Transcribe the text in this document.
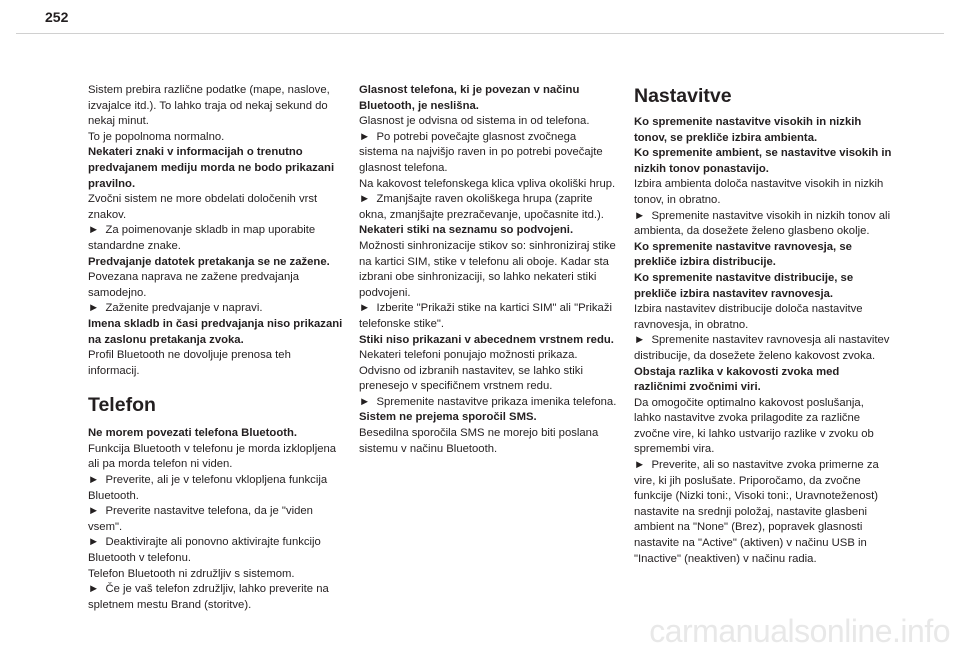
252
Sistem prebira različne podatke (mape, naslove, izvajalce itd.). To lahko traja od nekaj sekund do nekaj minut.
To je popolnoma normalno.
Nekateri znaki v informacijah o trenutno predvajanem mediju morda ne bodo prikazani pravilno.
Zvočni sistem ne more obdelati določenih vrst znakov.
►  Za poimenovanje skladb in map uporabite standardne znake.
Predvajanje datotek pretakanja se ne zažene.
Povezana naprava ne zažene predvajanja samodejno.
►  Zaženite predvajanje v napravi.
Imena skladb in časi predvajanja niso prikazani na zaslonu pretakanja zvoka.
Profil Bluetooth ne dovoljuje prenosa teh informacij.
Telefon
Ne morem povezati telefona Bluetooth.
Funkcija Bluetooth v telefonu je morda izklopljena ali pa morda telefon ni viden.
►  Preverite, ali je v telefonu vklopljena funkcija Bluetooth.
►  Preverite nastavitve telefona, da je "viden vsem".
►  Deaktivirajte ali ponovno aktivirajte funkcijo Bluetooth v telefonu.
Telefon Bluetooth ni združljiv s sistemom.
►  Če je vaš telefon združljiv, lahko preverite na spletnem mestu Brand (storitve).
Glasnost telefona, ki je povezan v načinu Bluetooth, je neslišna.
Glasnost je odvisna od sistema in od telefona.
►  Po potrebi povečajte glasnost zvočnega sistema na najvišjo raven in po potrebi povečajte glasnost telefona.
Na kakovost telefonskega klica vpliva okoliški hrup.
►  Zmanjšajte raven okoliškega hrupa (zaprite okna, zmanjšajte prezračevanje, upočasnite itd.).
Nekateri stiki na seznamu so podvojeni.
Možnosti sinhronizacije stikov so: sinhroniziraj stike na kartici SIM, stike v telefonu ali oboje. Kadar sta izbrani obe sinhronizaciji, so lahko nekateri stiki podvojeni.
►  Izberite "Prikaži stike na kartici SIM" ali "Prikaži telefonske stike".
Stiki niso prikazani v abecednem vrstnem redu.
Nekateri telefoni ponujajo možnosti prikaza. Odvisno od izbranih nastavitev, se lahko stiki prenesejo v specifičnem vrstnem redu.
►  Spremenite nastavitve prikaza imenika telefona.
Sistem ne prejema sporočil SMS.
Besedilna sporočila SMS ne morejo biti poslana sistemu v načinu Bluetooth.
Nastavitve
Ko spremenite nastavitve visokih in nizkih tonov, se prekliče izbira ambienta.
Ko spremenite ambient, se nastavitve visokih in nizkih tonov ponastavijo.
Izbira ambienta določa nastavitve visokih in nizkih tonov, in obratno.
►  Spremenite nastavitve visokih in nizkih tonov ali ambienta, da dosežete želeno glasbeno okolje.
Ko spremenite nastavitve ravnovesja, se prekliče izbira distribucije.
Ko spremenite nastavitve distribucije, se prekliče izbira nastavitev ravnovesja.
Izbira nastavitev distribucije določa nastavitve ravnovesja, in obratno.
►  Spremenite nastavitev ravnovesja ali nastavitev distribucije, da dosežete želeno kakovost zvoka.
Obstaja razlika v kakovosti zvoka med različnimi zvočnimi viri.
Da omogočite optimalno kakovost poslušanja, lahko nastavitve zvoka prilagodite za različne zvočne vire, ki lahko ustvarijo razlike v zvoku ob spremembi vira.
►  Preverite, ali so nastavitve zvoka primerne za vire, ki jih poslušate. Priporočamo, da zvočne funkcije (Nizki toni:, Visoki toni:, Uravnoteženost) nastavite na srednji položaj, nastavite glasbeni ambient na "None" (Brez), popravek glasnosti nastavite na "Active" (aktiven) v načinu USB in "Inactive" (neaktiven) v načinu radia.
carmanualsonline.info
